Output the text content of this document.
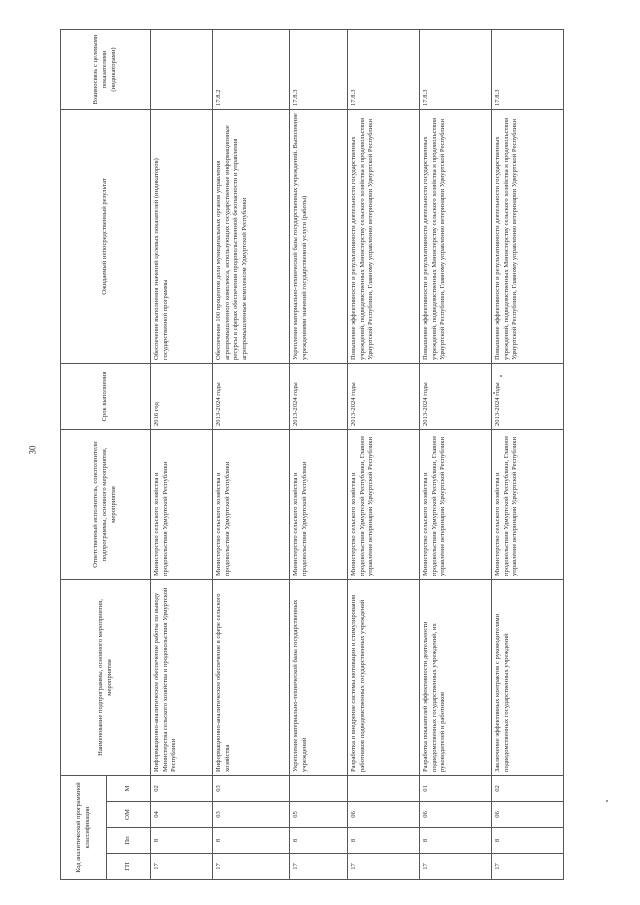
30
Код аналитической программной классификации				Наименование подпрограммы, основного мероприятия, мероприятия	Ответственный исполнитель, соисполнители подпрограммы, основного мероприятия, мероприятия	Срок выполнения	Ожидаемый непосредственный результат	Взаимосвязь с целевыми показателями (индикаторами)
ГП	Пп	ОМ	М					
17	8	04	02	Информационно-аналитическое обеспечение работы по выводу Министерства сельского хозяйства и продовольствия Удмуртской Республики	Министерство сельского хозяйства и продовольствия Удмуртской Республики	2016 год	Обеспечение выполнения значений целевых показателей (индикаторов) государственной программы	
17	8	03	03	Информационно-аналитическое обеспечение в сфере сельского хозяйства	Министерство сельского хозяйства и продовольствия Удмуртской Республики	2013-2024 годы	Обеспечение 100 процентов доли муниципальных органов управления агропромышленного комплекса, использующих государственные информационные ресурсы в сферах обеспечения продовольственной безопасности и управления агропромышленным комплексом Удмуртской Республики	17.8.2
17	8	05		Укрепление материально-технической базы государственных учреждений	Министерство сельского хозяйства и продовольствия Удмуртской Республики	2013-2024 годы	Укрепление материально-технической базы государственных учреждений. Выполнение учреждениями значений государственной услуги (работы)	17.8.3
17	8	06		Разработка и внедрение системы мотивации и стимулирования работников подведомственных государственных учреждений	Министерство сельского хозяйства и продовольствия Удмуртской Республики, Главное управление ветеринарии Удмуртской Республики	2013-2024 годы	Повышение эффективности и результативности деятельности государственных учреждений, подведомственных Министерству сельского хозяйства и продовольствия Удмуртской Республики, Главному управлению ветеринарии Удмуртской Республики	17.8.3
17	8	06	01	Разработка показателей эффективности деятельности подведомственных государственных учреждений, их руководителей и работников	Министерство сельского хозяйства и продовольствия Удмуртской Республики, Главное управление ветеринарии Удмуртской Республики	2013-2024 годы	Повышение эффективности и результативности деятельности государственных учреждений, подведомственных Министерству сельского хозяйства и продовольствия Удмуртской Республики, Главному управлению ветеринарии Удмуртской Республики	17.8.3
17	8	06	02	Заключение эффективных контрактов с руководителями подведомственных государственных учреждений	Министерство сельского хозяйства и продовольствия Удмуртской Республики, Главное управление ветеринарии Удмуртской Республики	2013-2024 годы	Повышение эффективности и результативности деятельности государственных учреждений, подведомственных Министерству сельского хозяйства и продовольствия Удмуртской Республики, Главному управлению ветеринарии Удмуртской Республики	17.8.3
